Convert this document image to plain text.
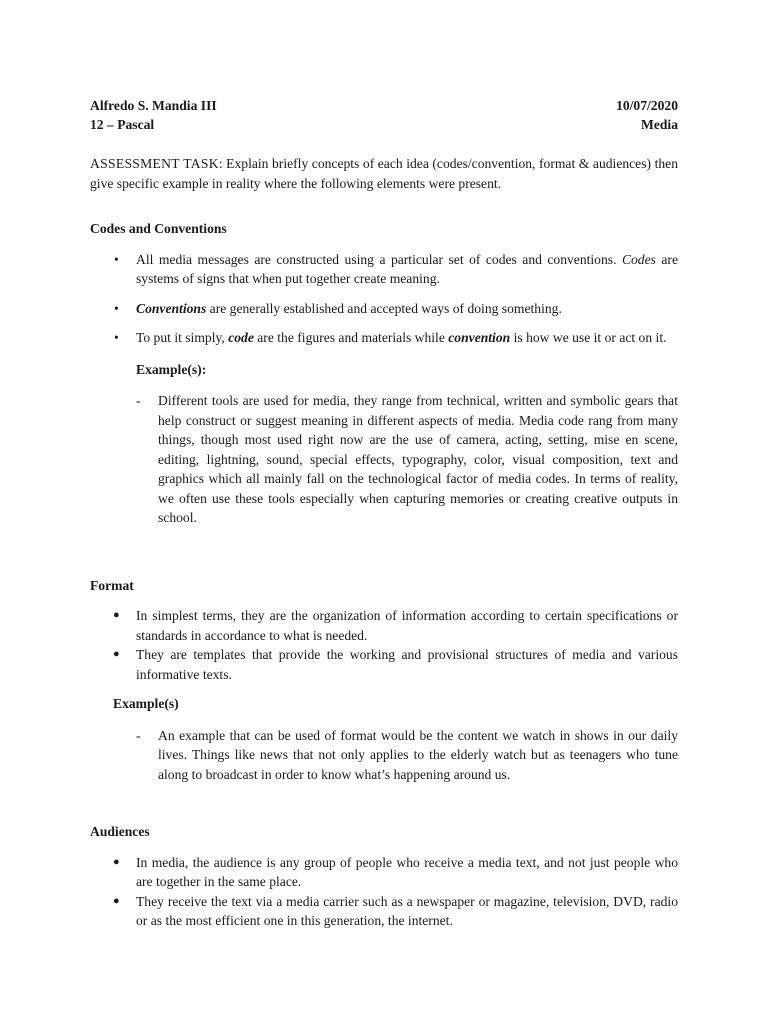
Alfredo S. Mandia III	10/07/2020
12 – Pascal	Media

ASSESSMENT TASK: Explain briefly concepts of each idea (codes/convention, format & audiences) then give specific example in reality where the following elements were present.

Codes and Conventions

• All media messages are constructed using a particular set of codes and conventions. Codes are systems of signs that when put together create meaning.
• Conventions are generally established and accepted ways of doing something.
• To put it simply, code are the figures and materials while convention is how we use it or act on it.

Example(s):

- Different tools are used for media, they range from technical, written and symbolic gears that help construct or suggest meaning in different aspects of media. Media code rang from many things, though most used right now are the use of camera, acting, setting, mise en scene, editing, lightning, sound, special effects, typography, color, visual composition, text and graphics which all mainly fall on the technological factor of media codes. In terms of reality, we often use these tools especially when capturing memories or creating creative outputs in school.

Format

● In simplest terms, they are the organization of information according to certain specifications or standards in accordance to what is needed.
● They are templates that provide the working and provisional structures of media and various informative texts.

Example(s)

- An example that can be used of format would be the content we watch in shows in our daily lives. Things like news that not only applies to the elderly watch but as teenagers who tune along to broadcast in order to know what’s happening around us.

Audiences

● In media, the audience is any group of people who receive a media text, and not just people who are together in the same place.
● They receive the text via a media carrier such as a newspaper or magazine, television, DVD, radio or as the most efficient one in this generation, the internet.
